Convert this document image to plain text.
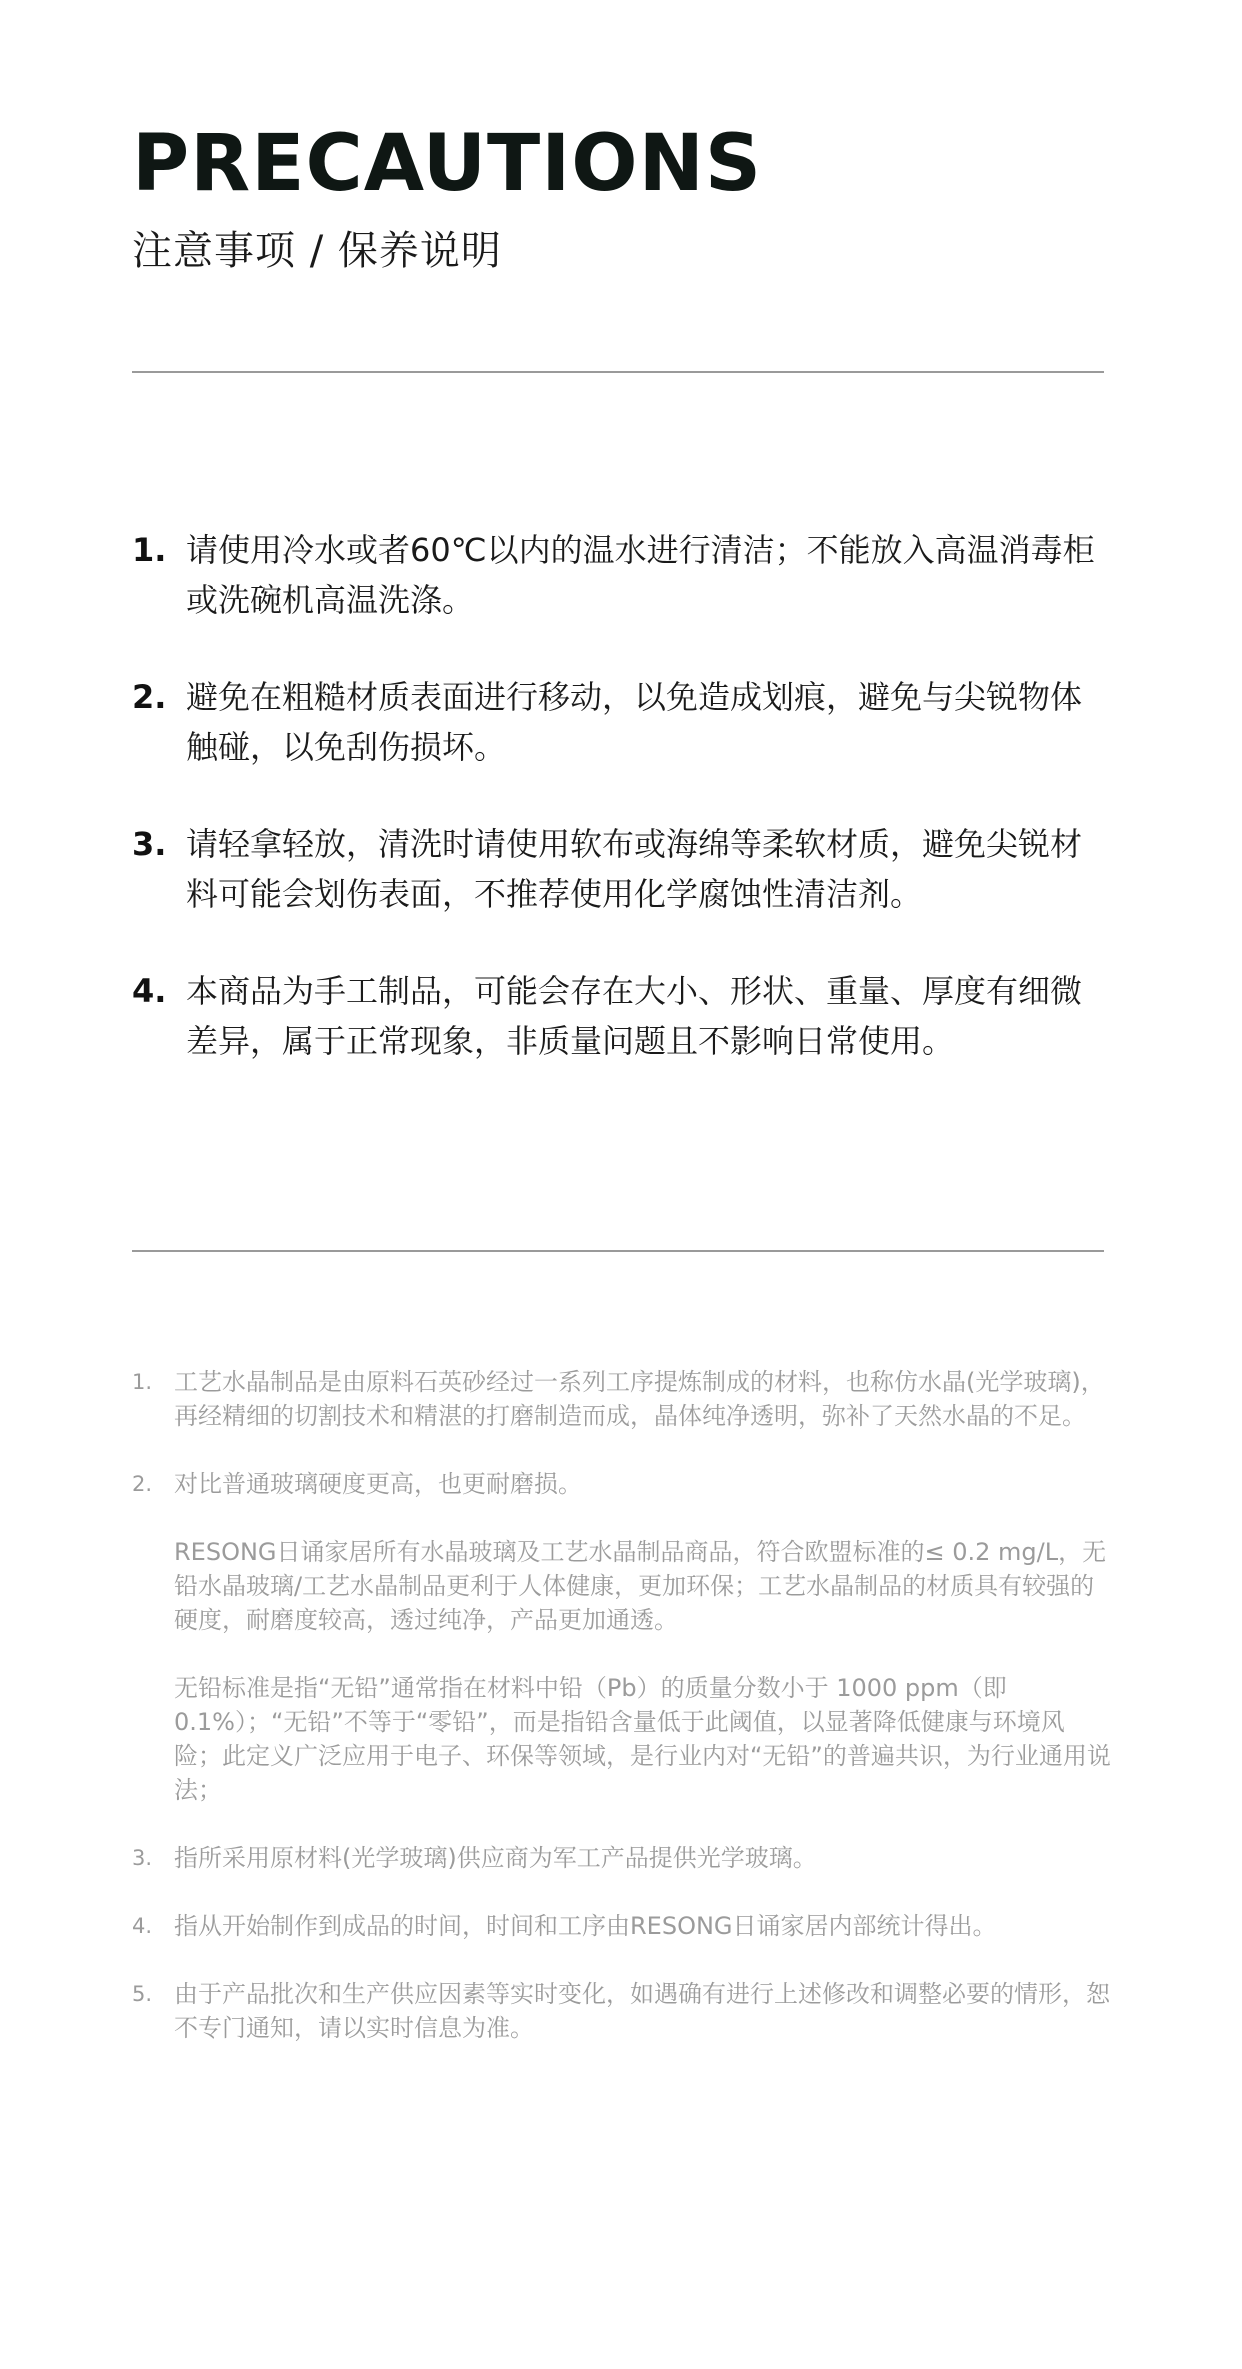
PRECAUTIONS
注意事项 / 保养说明
1. 请使用冷水或者60℃以内的温水进行清洁；不能放入高温消毒柜或洗碗机高温洗涤。
2. 避免在粗糙材质表面进行移动，以免造成划痕，避免与尖锐物体触碰，以免刮伤损坏。
3. 请轻拿轻放，清洗时请使用软布或海绵等柔软材质，避免尖锐材料可能会划伤表面，不推荐使用化学腐蚀性清洁剂。
4. 本商品为手工制品，可能会存在大小、形状、重量、厚度有细微差异，属于正常现象，非质量问题且不影响日常使用。
1. 工艺水晶制品是由原料石英砂经过一系列工序提炼制成的材料，也称仿水晶(光学玻璃)，再经精细的切割技术和精湛的打磨制造而成，晶体纯净透明，弥补了天然水晶的不足。

2. 对比普通玻璃硬度更高，也更耐磨损。

RESONG日诵家居所有水晶玻璃及工艺水晶制品商品，符合欧盟标准的≤ 0.2 mg/L，无铅水晶玻璃/工艺水晶制品更利于人体健康，更加环保；工艺水晶制品的材质具有较强的硬度，耐磨度较高，透过纯净，产品更加通透。

无铅标准是指“无铅”通常指在材料中铅（Pb）的质量分数小于 1000 ppm（即 0.1%）；“无铅”不等于“零铅”，而是指铅含量低于此阈值，以显著降低健康与环境风险；此定义广泛应用于电子、环保等领域，是行业内对“无铅”的普遍共识，为行业通用说法；

3. 指所采用原材料(光学玻璃)供应商为军工产品提供光学玻璃。

4. 指从开始制作到成品的时间，时间和工序由RESONG日诵家居内部统计得出。

5. 由于产品批次和生产供应因素等实时变化，如遇确有进行上述修改和调整必要的情形，恕不专门通知，请以实时信息为准。
